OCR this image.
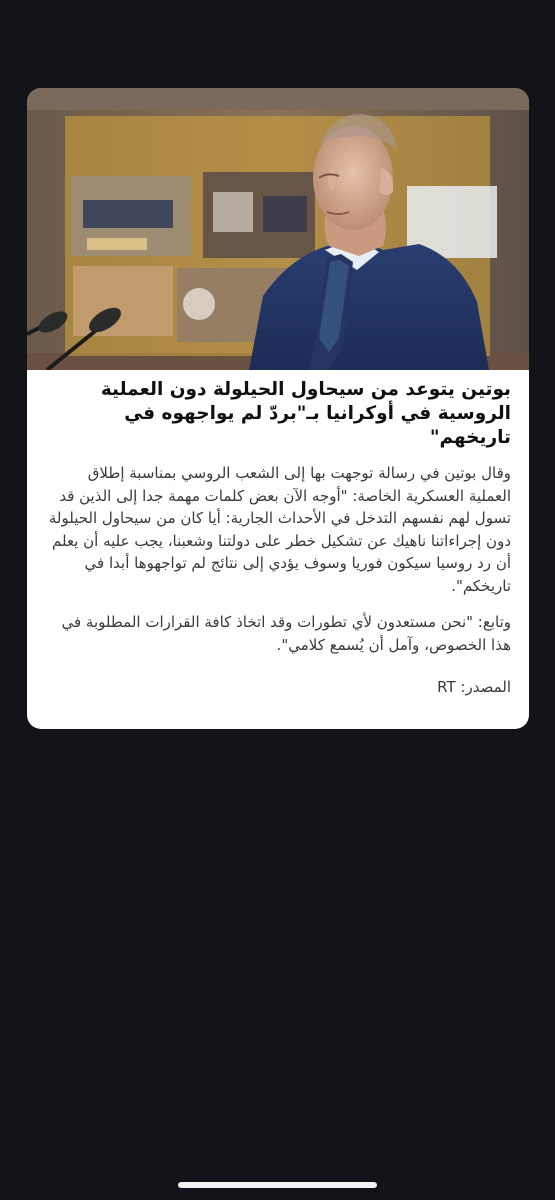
بوتين يتوعد من سيحاول الحيلولة دون العملية الروسية في أوكرانيا بـ"بردّ لم يواجهوه في تاريخهم"

وقال بوتين في رسالة توجهت بها إلى الشعب الروسي بمناسبة إطلاق العملية العسكرية الخاصة: "أوجه الآن بعض كلمات مهمة جدا إلى الذين قد تسول لهم نفسهم التدخل في الأحداث الجارية: أيا كان من سيحاول الحيلولة دون إجراءاتنا ناهيك عن تشكيل خطر على دولتنا وشعبنا، يجب عليه أن يعلم أن رد روسيا سيكون فوريا وسوف يؤدي إلى نتائج لم تواجهوها أبدا في تاريخكم".

وتابع: "نحن مستعدون لأي تطورات وقد اتخاذ كافة القرارات المطلوبة في هذا الخصوص، وآمل أن يُسمع كلامي".

المصدر: RT
